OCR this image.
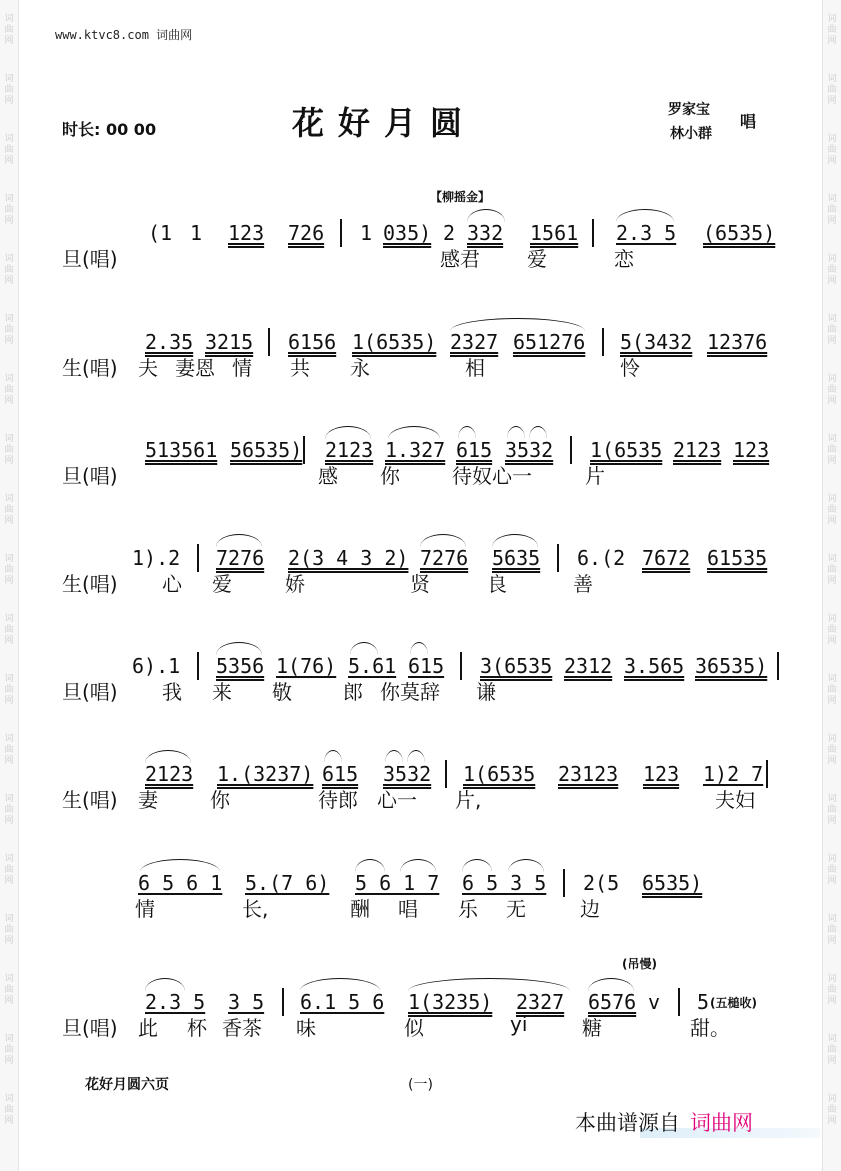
词
曲
网
词
曲
网
词
曲
网
词
曲
网
词
曲
网
词
曲
网
词
曲
网
词
曲
网
词
曲
网
词
曲
网
词
曲
网
词
曲
网
词
曲
网
词
曲
网
词
曲
网
词
曲
网
词
曲
网
词
曲
网
词
曲
网
词
曲
网
词
曲
网
词
曲
网
词
曲
网
词
曲
网
词
曲
网
词
曲
网
词
曲
网
词
曲
网
词
曲
网
词
曲
网
词
曲
网
词
曲
网
词
曲
网
词
曲
网
词
曲
网
词
曲
网
词
曲
网
词
曲
网
www.ktvc8.com 词曲网
时长: 00 00	花好月圆	罗家宝
林小群
唱
【柳摇金】
(1 1 123 726 1 035) 2 332 1561 2.3 5 (6535)
旦(唱)	感君 爱	恋
2.35 3215 6156 1(6535) 2327 651276 5(3432 12376
生(唱) 夫 妻恩 情 共 永	相	怜
513561 56535) 2123 1.327 615 3532 1(6535 2123 123
旦(唱)	感 你	待奴心一	片
1).2 7276 2(3 4 3 2) 7276 5635 6.(2 7672 61535
生(唱) 心 爱	娇	贤	良	善
6).1 5356 1(76) 5.61 615 3(6535 2312 3.565 36535)
旦(唱) 我 来 敬	郎 你莫辞 谦
2123 1.(3237) 615 3532 1(6535 23123 123 1)2 7
生(唱) 妻	你	待郎 心一 片,	夫妇
6 5 6 1 5.(7 6) 5 6 1 7 6 5 3 5 2(5 6535)
情	长,	酬 唱 乐 无	边
(吊慢)
2.3 5 3 5 6.1 5 6 1(3235) 2327 6576 v 5 (五槌收)
旦(唱) 此 杯 香茶 味	似	yi	糖	甜。
花好月圆六页	(一)
本曲谱源自 词曲网
